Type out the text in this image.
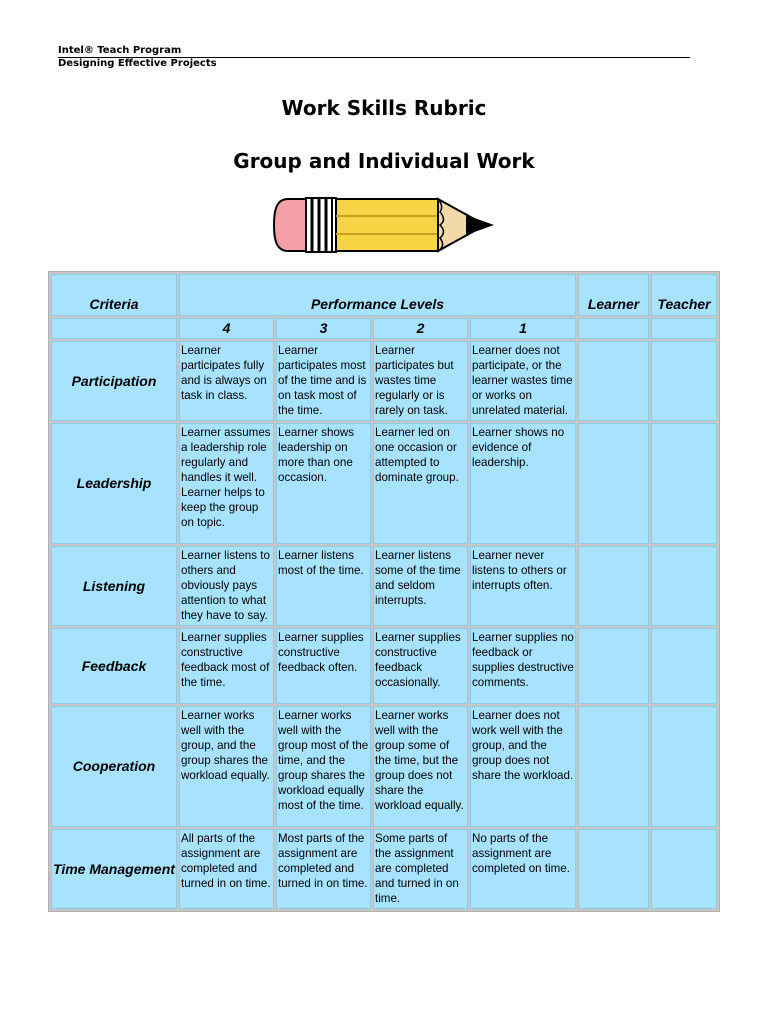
Intel® Teach Program
Designing Effective Projects
Work Skills Rubric
Group and Individual Work
Criteria	Performance Levels				Learner	Teacher
	4	3	2	1		
Participation	Learner participates fully and is always on task in class.	Learner participates most of the time and is on task most of the time.	Learner participates but wastes time regularly or is rarely on task.	Learner does not participate, or the learner wastes time or works on unrelated material.		
Leadership	Learner assumes a leadership role regularly and handles it well. Learner helps to keep the group on topic.	Learner shows leadership on more than one occasion.	Learner led on one occasion or attempted to dominate group.	Learner shows no evidence of leadership.		
Listening	Learner listens to others and obviously pays attention to what they have to say.	Learner listens most of the time.	Learner listens some of the time and seldom interrupts.	Learner never listens to others or interrupts often.		
Feedback	Learner supplies constructive feedback most of the time.	Learner supplies constructive feedback often.	Learner supplies constructive feedback occasionally.	Learner supplies no feedback or supplies destructive comments.		
Cooperation	Learner works well with the group, and the group shares the workload equally.	Learner works well with the group most of the time, and the group shares the workload equally most of the time.	Learner works well with the group some of the time, but the group does not share the workload equally.	Learner does not work well with the group, and the group does not share the workload.		
Time Management	All parts of the assignment are completed and turned in on time.	Most parts of the assignment are completed and turned in on time.	Some parts of the assignment are completed and turned in on time.	No parts of the assignment are completed on time.		
